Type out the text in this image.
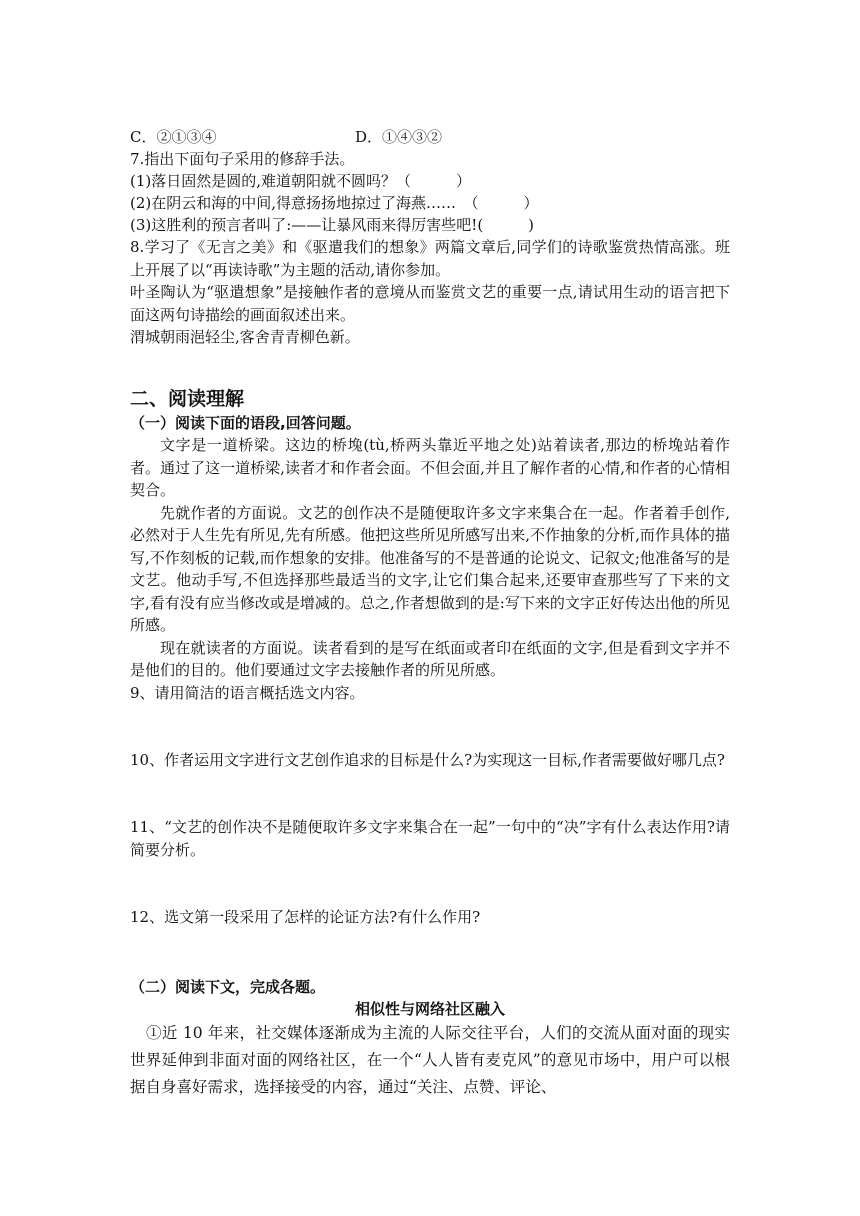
C．②①③④	D．①④③②

7.指出下面句子采用的修辞手法。

(1)落日固然是圆的,难道朝阳就不圆吗？（　　　）

(2)在阴云和海的中间,得意扬扬地掠过了海燕……　（　　　）

(3)这胜利的预言者叫了:——让暴风雨来得厉害些吧!(　　　)

8.学习了《无言之美》和《驱遣我们的想象》两篇文章后,同学们的诗歌鉴赏热情高涨。班上开展了以“再读诗歌”为主题的活动,请你参加。

叶圣陶认为“驱遣想象”是接触作者的意境从而鉴赏文艺的重要一点,请试用生动的语言把下面这两句诗描绘的画面叙述出来。

渭城朝雨浥轻尘,客舍青青柳色新。

二、阅读理解

（一）阅读下面的语段,回答问题。

文字是一道桥梁。这边的桥堍(tù,桥两头靠近平地之处)站着读者,那边的桥堍站着作者。通过了这一道桥梁,读者才和作者会面。不但会面,并且了解作者的心情,和作者的心情相契合。

先就作者的方面说。文艺的创作决不是随便取许多文字来集合在一起。作者着手创作,必然对于人生先有所见,先有所感。他把这些所见所感写出来,不作抽象的分析,而作具体的描写,不作刻板的记载,而作想象的安排。他准备写的不是普通的论说文、记叙文;他准备写的是文艺。他动手写,不但选择那些最适当的文字,让它们集合起来,还要审查那些写了下来的文字,看有没有应当修改或是增减的。总之,作者想做到的是:写下来的文字正好传达出他的所见所感。

现在就读者的方面说。读者看到的是写在纸面或者印在纸面的文字,但是看到文字并不是他们的目的。他们要通过文字去接触作者的所见所感。

9、请用简洁的语言概括选文内容。

10、作者运用文字进行文艺创作追求的目标是什么?为实现这一目标,作者需要做好哪几点?

11、“文艺的创作决不是随便取许多文字来集合在一起”一句中的“决”字有什么表达作用?请简要分析。

12、选文第一段采用了怎样的论证方法?有什么作用?

（二）阅读下文，完成各题。

相似性与网络社区融入

①近 10 年来，社交媒体逐渐成为主流的人际交往平台，人们的交流从面对面的现实世界延伸到非面对面的网络社区，在一个“人人皆有麦克风”的意见市场中，用户可以根据自身喜好需求，选择接受的内容，通过“关注、点赞、评论、
